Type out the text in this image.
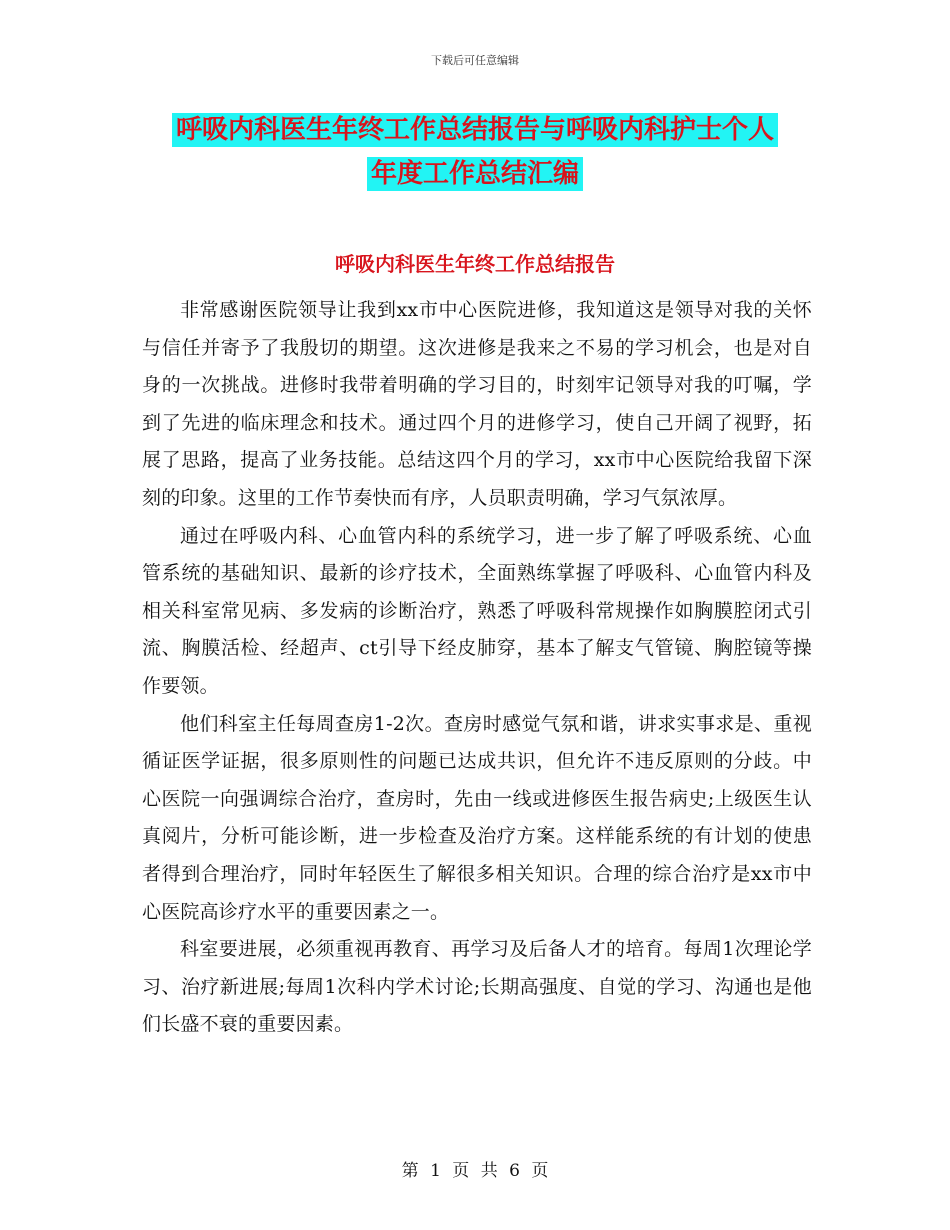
下载后可任意编辑
呼吸内科医生年终工作总结报告与呼吸内科护士个人
年度工作总结汇编
呼吸内科医生年终工作总结报告

非常感谢医院领导让我到xx市中心医院进修，我知道这是领导对我的关怀与信任并寄予了我殷切的期望。这次进修是我来之不易的学习机会，也是对自身的一次挑战。进修时我带着明确的学习目的，时刻牢记领导对我的叮嘱，学到了先进的临床理念和技术。通过四个月的进修学习，使自己开阔了视野，拓展了思路，提高了业务技能。总结这四个月的学习，xx市中心医院给我留下深刻的印象。这里的工作节奏快而有序，人员职责明确，学习气氛浓厚。

通过在呼吸内科、心血管内科的系统学习，进一步了解了呼吸系统、心血管系统的基础知识、最新的诊疗技术，全面熟练掌握了呼吸科、心血管内科及相关科室常见病、多发病的诊断治疗，熟悉了呼吸科常规操作如胸膜腔闭式引流、胸膜活检、经超声、ct引导下经皮肺穿，基本了解支气管镜、胸腔镜等操作要领。

他们科室主任每周查房1-2次。查房时感觉气氛和谐，讲求实事求是、重视循证医学证据，很多原则性的问题已达成共识，但允许不违反原则的分歧。中心医院一向强调综合治疗，查房时，先由一线或进修医生报告病史;上级医生认真阅片，分析可能诊断，进一步检查及治疗方案。这样能系统的有计划的使患者得到合理治疗，同时年轻医生了解很多相关知识。合理的综合治疗是xx市中心医院高诊疗水平的重要因素之一。

科室要进展，必须重视再教育、再学习及后备人才的培育。每周1次理论学习、治疗新进展;每周1次科内学术讨论;长期高强度、自觉的学习、沟通也是他们长盛不衰的重要因素。

第 1 页 共 6 页
